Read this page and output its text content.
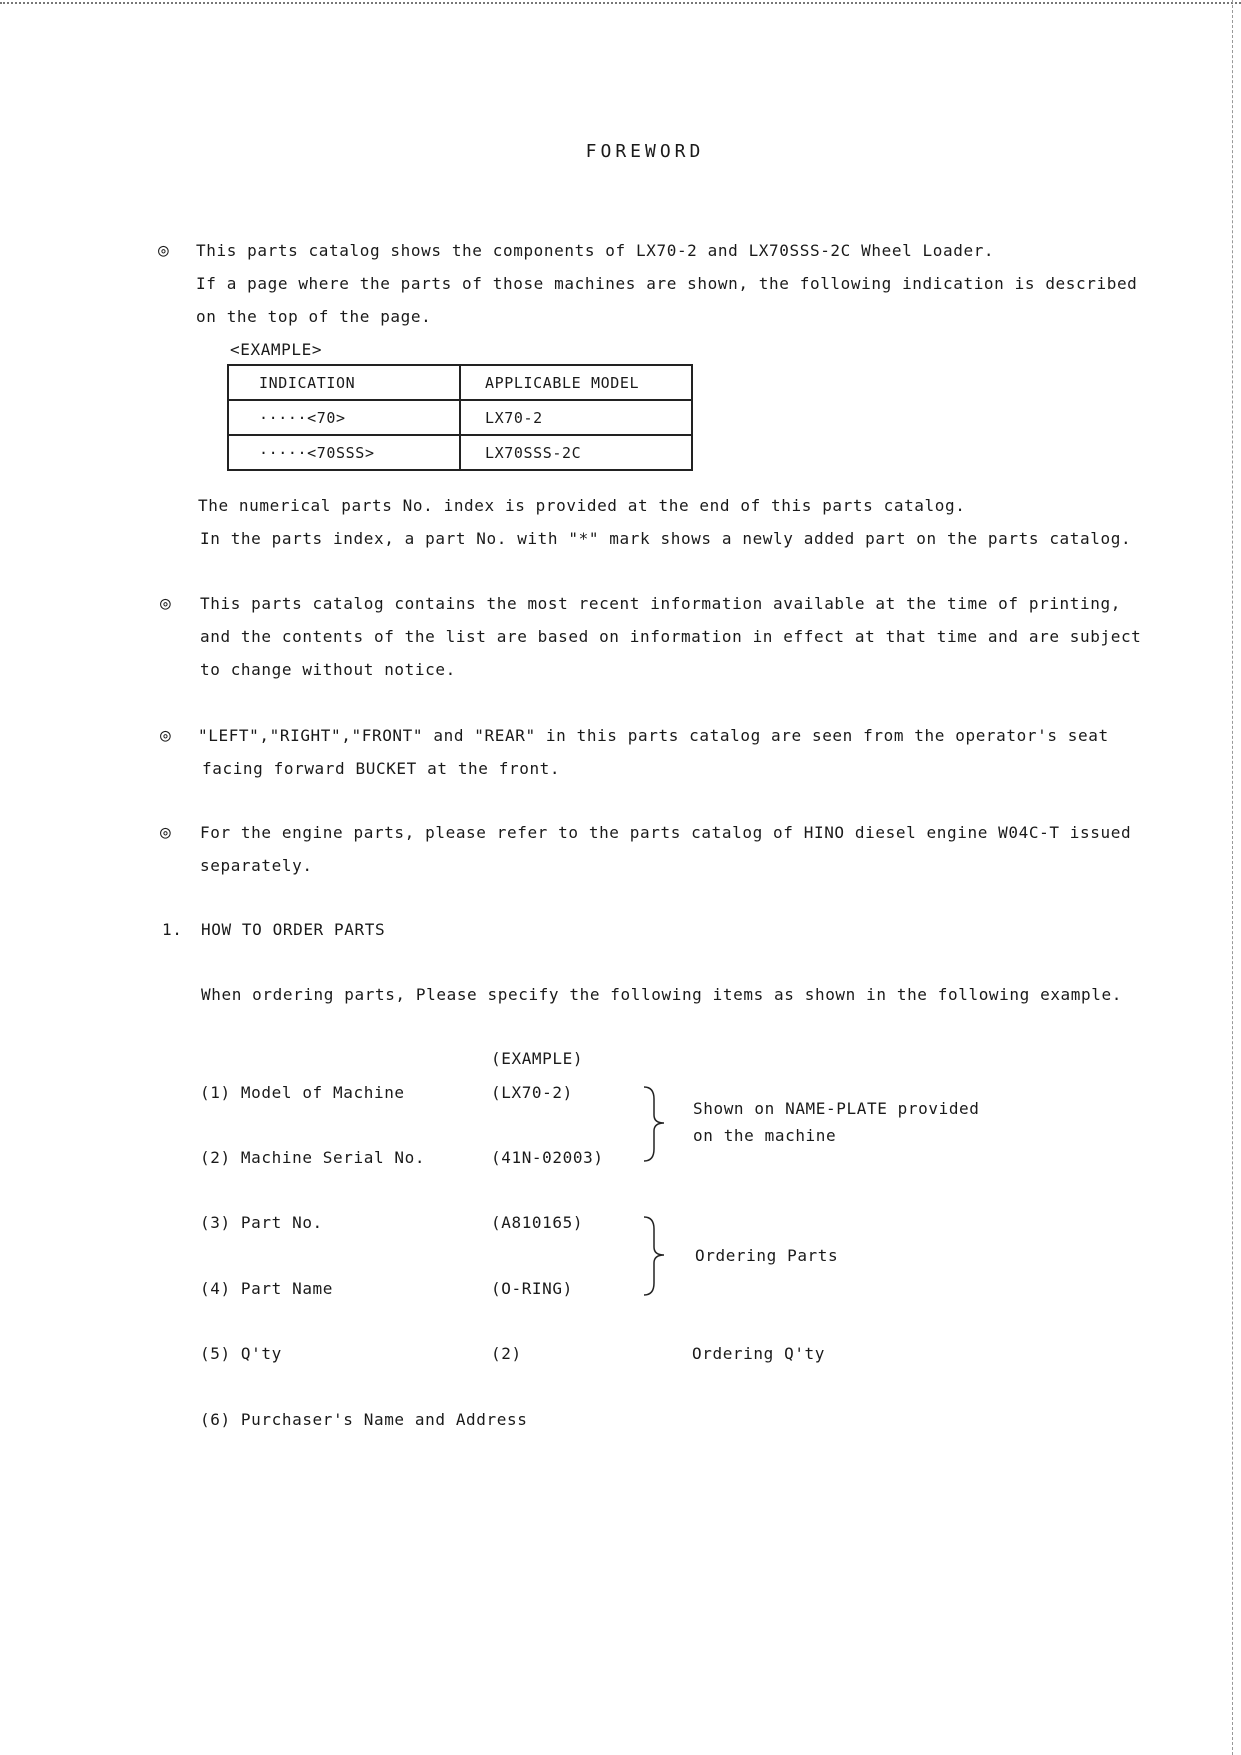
FOREWORD
◎ This parts catalog shows the components of LX70-2 and LX70SSS-2C Wheel Loader.
If a page where the parts of those machines are shown, the following indication is described
on the top of the page.
<EXAMPLE>
INDICATION	APPLICABLE MODEL
·····<70>	LX70-2
·····<70SSS>	LX70SSS-2C
The numerical parts No. index is provided at the end of this parts catalog.
In the parts index, a part No. with "*" mark shows a newly added part on the parts catalog.
◎ This parts catalog contains the most recent information available at the time of printing,
and the contents of the list are based on information in effect at that time and are subject
to change without notice.
◎ "LEFT","RIGHT","FRONT" and "REAR" in this parts catalog are seen from the operator's seat
facing forward BUCKET at the front.
◎ For the engine parts, please refer to the parts catalog of HINO diesel engine W04C-T issued
separately.
1. HOW TO ORDER PARTS
When ordering parts, Please specify the following items as shown in the following example.
(EXAMPLE)
(1) Model of Machine	(LX70-2)
(2) Machine Serial No.	(41N-02003)
Shown on NAME-PLATE provided
on the machine
(3) Part No.	(A810165)
(4) Part Name	(O-RING)
Ordering Parts
(5) Q'ty	(2)	Ordering Q'ty
(6) Purchaser's Name and Address
